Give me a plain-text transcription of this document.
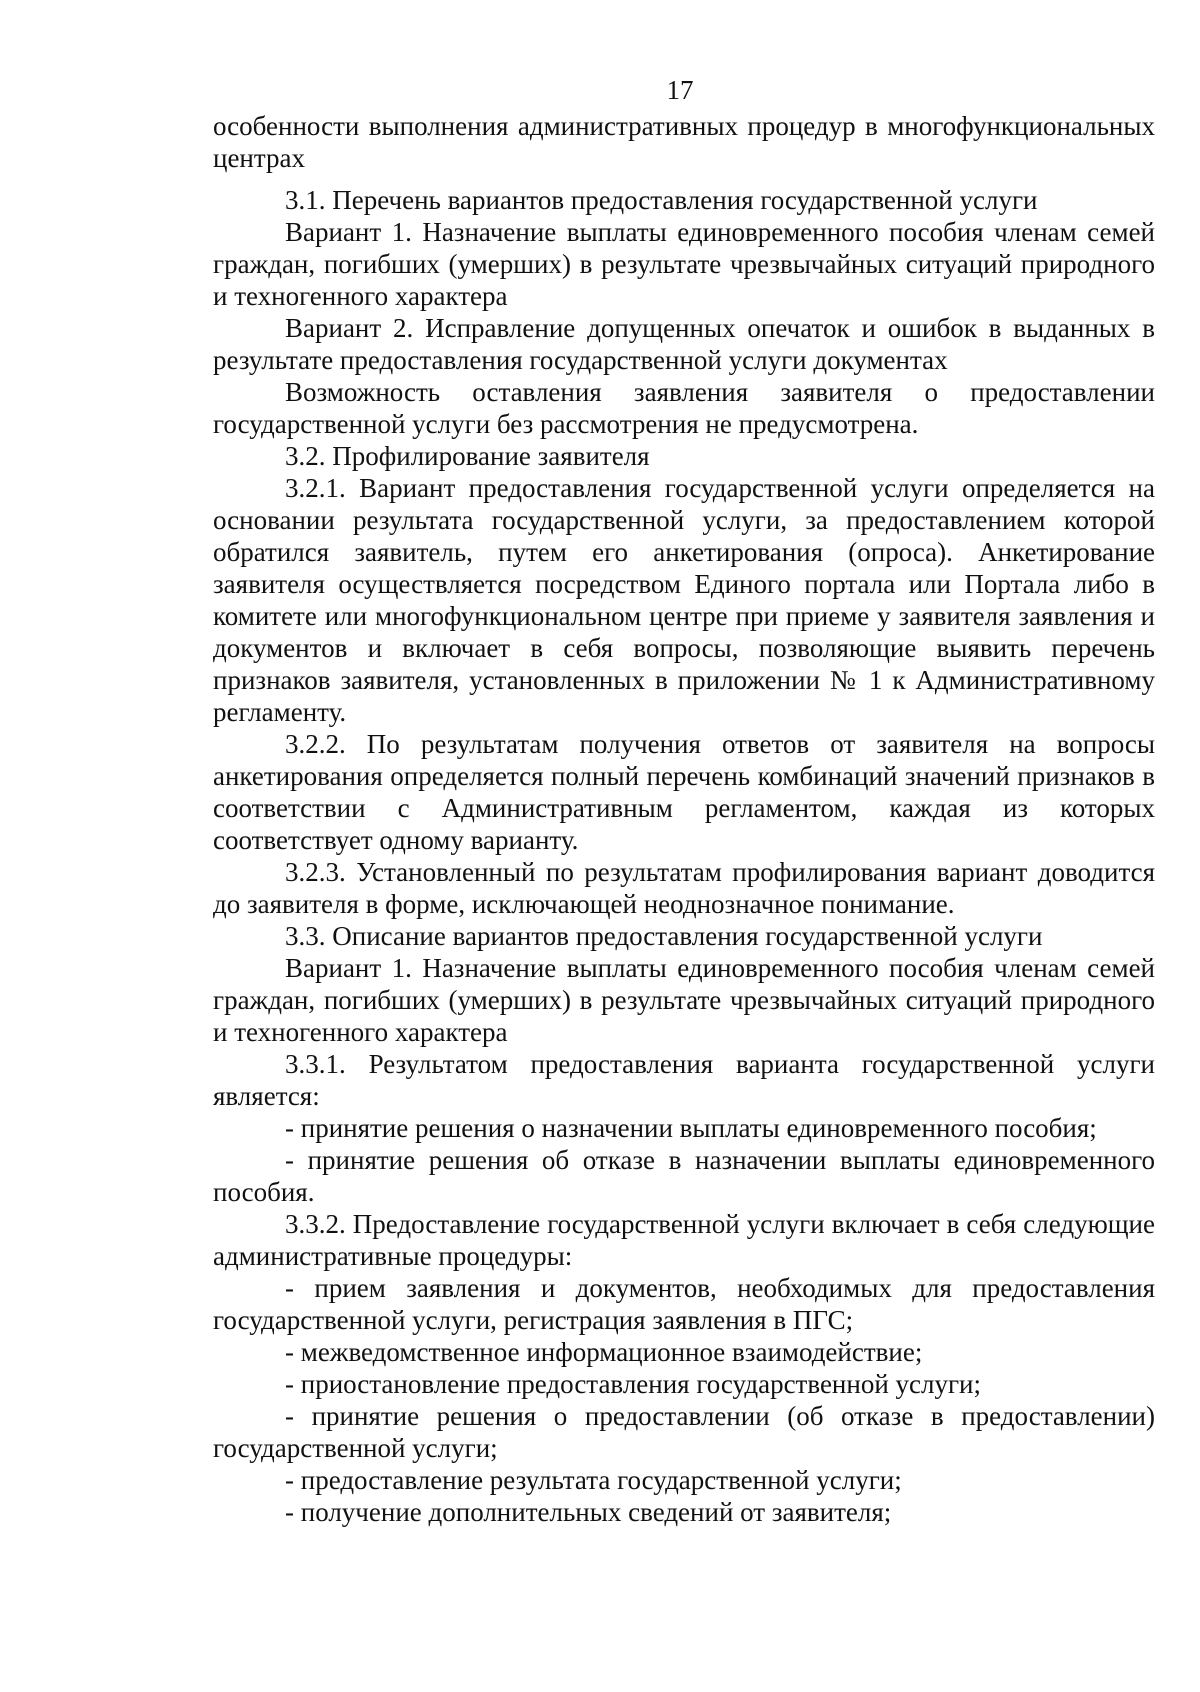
17

особенности выполнения административных процедур в многофункциональных центрах

3.1. Перечень вариантов предоставления государственной услуги

Вариант 1. Назначение выплаты единовременного пособия членам семей граждан, погибших (умерших) в результате чрезвычайных ситуаций природного и техногенного характера

Вариант 2. Исправление допущенных опечаток и ошибок в выданных в результате предоставления государственной услуги документах

Возможность оставления заявления заявителя о предоставлении государственной услуги без рассмотрения не предусмотрена.

3.2. Профилирование заявителя

3.2.1. Вариант предоставления государственной услуги определяется на основании результата государственной услуги, за предоставлением которой обратился заявитель, путем его анкетирования (опроса). Анкетирование заявителя осуществляется посредством Единого портала или Портала либо в комитете или многофункциональном центре при приеме у заявителя заявления и документов и включает в себя вопросы, позволяющие выявить перечень признаков заявителя, установленных в приложении № 1 к Административному регламенту.

3.2.2. По результатам получения ответов от заявителя на вопросы анкетирования определяется полный перечень комбинаций значений признаков в соответствии с Административным регламентом, каждая из которых соответствует одному варианту.

3.2.3. Установленный по результатам профилирования вариант доводится до заявителя в форме, исключающей неоднозначное понимание.

3.3. Описание вариантов предоставления государственной услуги

Вариант 1. Назначение выплаты единовременного пособия членам семей граждан, погибших (умерших) в результате чрезвычайных ситуаций природного и техногенного характера

3.3.1. Результатом предоставления варианта государственной услуги является:

- принятие решения о назначении выплаты единовременного пособия;

- принятие решения об отказе в назначении выплаты единовременного пособия.

3.3.2. Предоставление государственной услуги включает в себя следующие административные процедуры:

- прием заявления и документов, необходимых для предоставления государственной услуги, регистрация заявления в ПГС;

- межведомственное информационное взаимодействие;

- приостановление предоставления государственной услуги;

- принятие решения о предоставлении (об отказе в предоставлении) государственной услуги;

- предоставление результата государственной услуги;

- получение дополнительных сведений от заявителя;
